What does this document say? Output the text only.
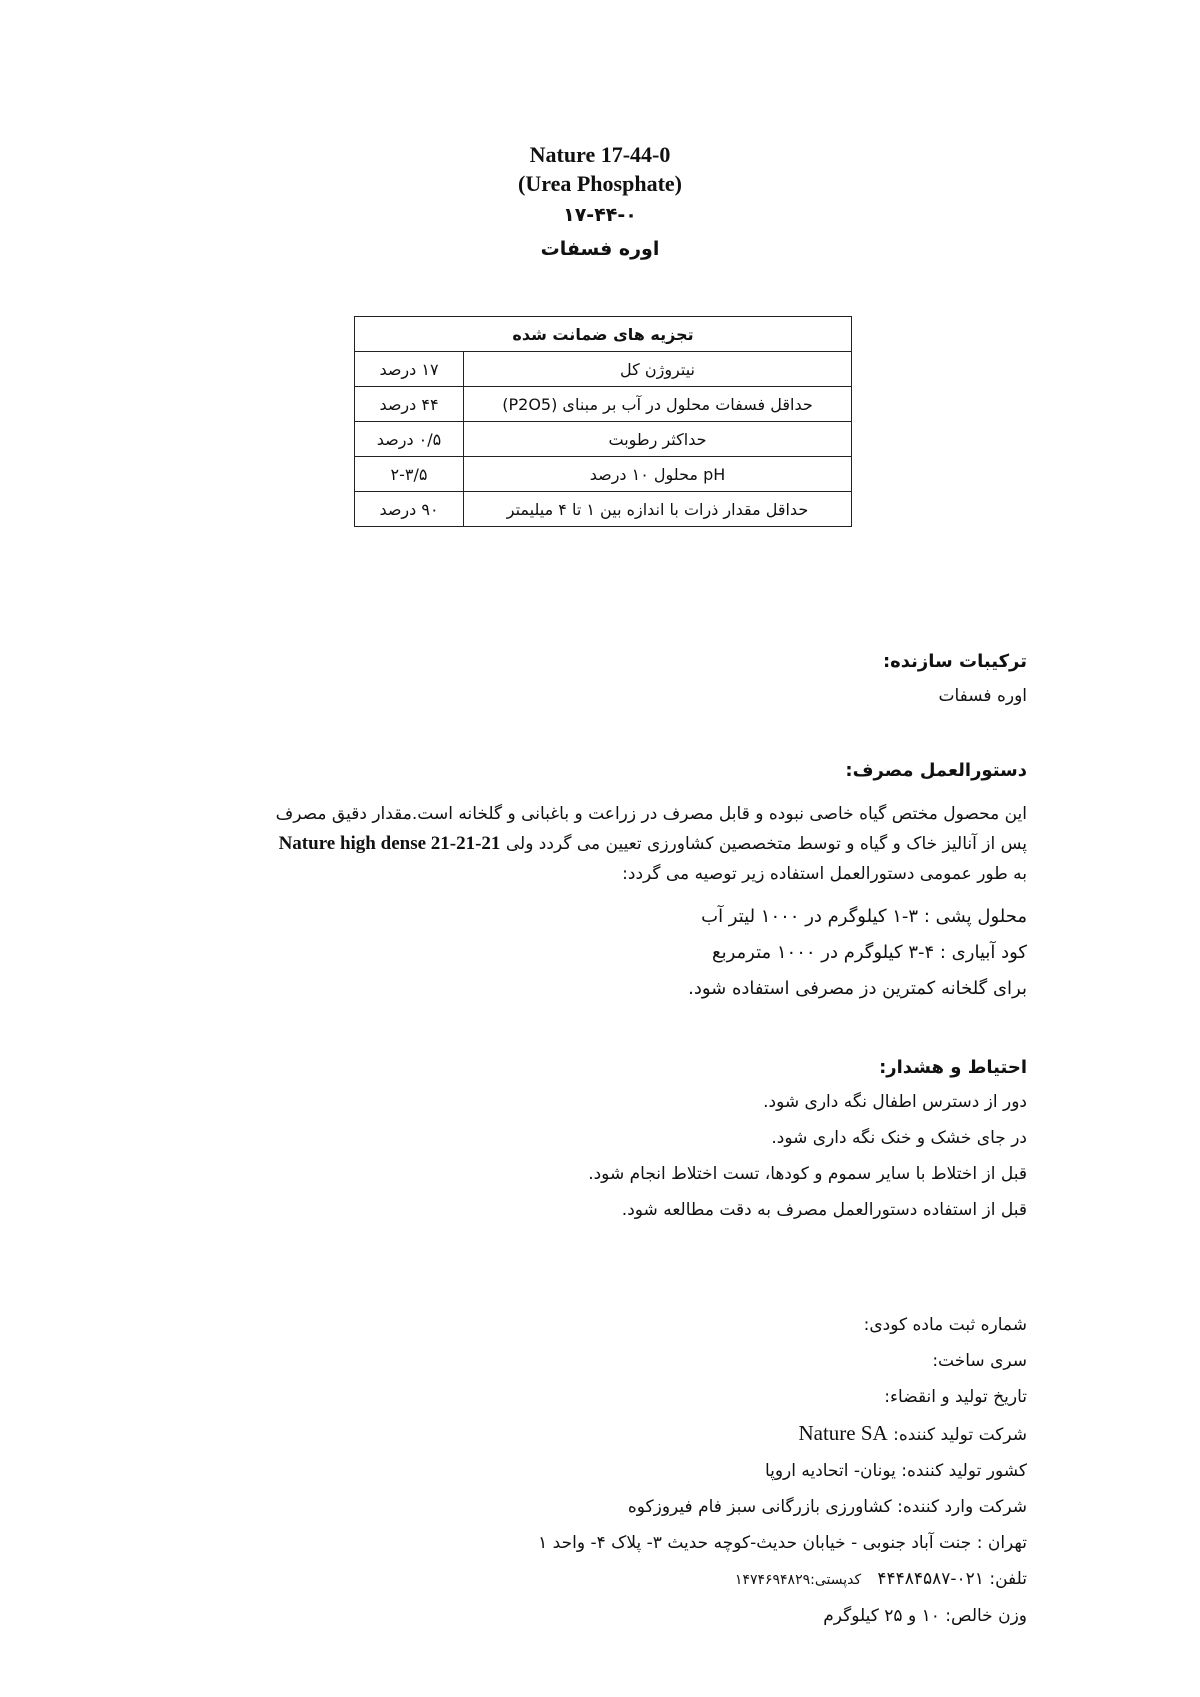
Nature 17-44-0
(Urea Phosphate)
۱۷-۴۴-۰
اوره فسفات
تجزیه های ضمانت شده	
نیتروژن کل	۱۷ درصد
حداقل فسفات محلول در آب بر مبنای (P2O5)	۴۴ درصد
حداکثر رطوبت	۰/۵ درصد
pH محلول ۱۰ درصد	۲-۳/۵
حداقل مقدار ذرات با اندازه بین ۱ تا ۴ میلیمتر	۹۰ درصد
ترکیبات سازنده:
اوره فسفات
دستورالعمل مصرف:
این محصول مختص گیاه خاصی نبوده و قابل مصرف در زراعت و باغبانی و گلخانه است.مقدار دقیق مصرف
پس از آنالیز خاک و گیاه و توسط متخصصین کشاورزی تعیین می گردد ولی Nature high dense 21-21-21
به طور عمومی دستورالعمل استفاده زیر توصیه می گردد:
محلول پشی : ۳-۱ کیلوگرم در ۱۰۰۰ لیتر آب
کود آبیاری : ۴-۳ کیلوگرم در ۱۰۰۰ مترمربع
برای گلخانه کمترین دز مصرفی استفاده شود.
احتیاط و هشدار:
دور از دسترس اطفال نگه داری شود.
در جای خشک و خنک نگه داری شود.
قبل از اختلاط با سایر سموم و کودها، تست اختلاط انجام شود.
قبل از استفاده دستورالعمل مصرف به دقت مطالعه شود.
شماره ثبت ماده کودی:
سری ساخت:
تاریخ تولید و انقضاء:
شرکت تولید کننده: Nature SA
کشور تولید کننده: یونان- اتحادیه اروپا
شرکت وارد کننده: کشاورزی بازرگانی سبز فام فیروزکوه
تهران : جنت آباد جنوبی - خیابان حدیث-کوچه حدیث ۳- پلاک ۴- واحد ۱
تلفن: ۰۲۱-۴۴۴۸۴۵۸۷   کدپستی:۱۴۷۴۶۹۴۸۲۹
وزن خالص: ۱۰ و ۲۵ کیلوگرم
